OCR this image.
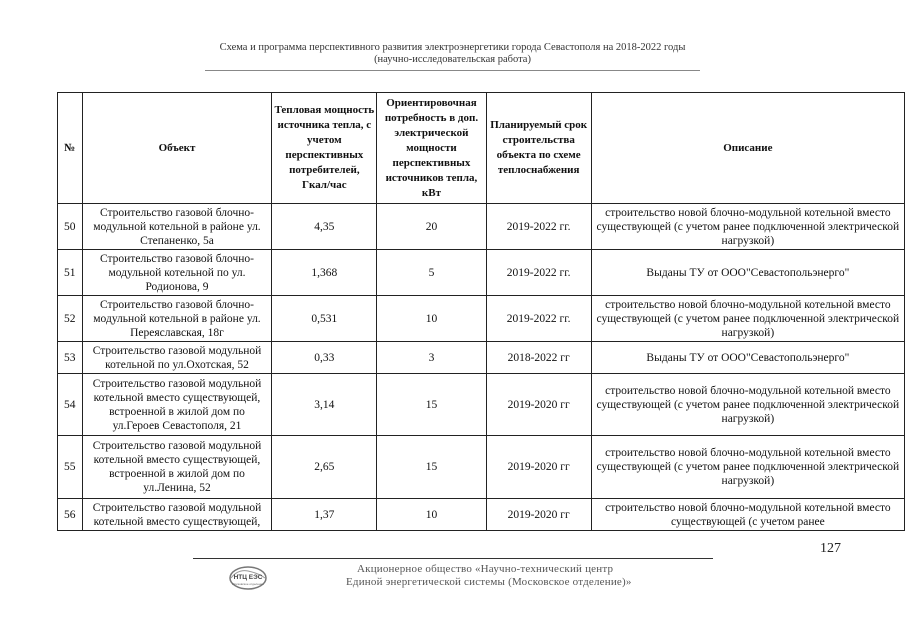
Схема и программа перспективного развития электроэнергетики города Севастополя на 2018-2022 годы
(научно-исследовательская работа)
№	Объект	Тепловая мощность источника тепла, с учетом перспективных потребителей, Гкал/час	Ориентировочная потребность в доп. электрической мощности перспективных источников тепла, кВт	Планируемый срок строительства объекта по схеме теплоснабжения	Описание
50	Строительство газовой блочно-модульной котельной в районе ул. Степаненко, 5а	4,35	20	2019-2022 гг.	строительство новой блочно-модульной котельной вместо существующей (с учетом ранее подключенной электрической нагрузкой)
51	Строительство газовой блочно-модульной котельной по ул. Родионова, 9	1,368	5	2019-2022 гг.	Выданы ТУ от ООО"Севастопольэнерго"
52	Строительство газовой блочно-модульной котельной в районе ул. Переяславская, 18г	0,531	10	2019-2022 гг.	строительство новой блочно-модульной котельной вместо существующей (с учетом ранее подключенной электрической нагрузкой)
53	Строительство газовой модульной котельной по ул.Охотская, 52	0,33	3	2018-2022 гг	Выданы ТУ от ООО"Севастопольэнерго"
54	Строительство газовой модульной котельной вместо существующей, встроенной в жилой дом по ул.Героев Севастополя, 21	3,14	15	2019-2020 гг	строительство новой блочно-модульной котельной вместо существующей (с учетом ранее подключенной электрической нагрузкой)
55	Строительство газовой модульной котельной вместо существующей, встроенной в жилой дом по ул.Ленина, 52	2,65	15	2019-2020 гг	строительство новой блочно-модульной котельной вместо существующей (с учетом ранее подключенной электрической нагрузкой)
56	Строительство газовой модульной котельной вместо существующей,	1,37	10	2019-2020 гг	строительство новой блочно-модульной котельной вместо существующей (с учетом ранее
127
НТЦ ЕЭС
Московское отделение
Акционерное общество «Научно-технический центр
Единой энергетической системы (Московское отделение)»
